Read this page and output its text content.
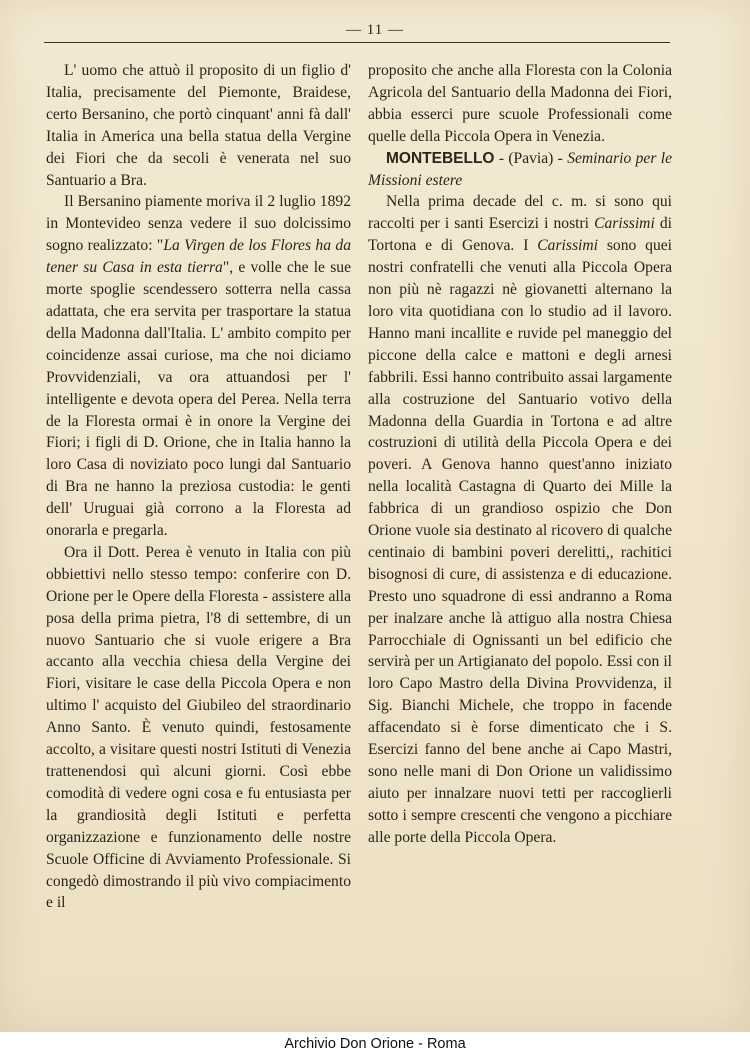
— 11 —

L' uomo che attuò il proposito di un figlio d' Italia, precisamente del Piemonte, Braidese, certo Bersanino, che portò cinquant' anni fà dall' Italia in America una bella statua della Vergine dei Fiori che da secoli è venerata nel suo Santuario a Bra.

Il Bersanino piamente moriva il 2 luglio 1892 in Montevideo senza vedere il suo dolcissimo sogno realizzato: "La Virgen de los Flores ha da tener su Casa in esta tierra", e volle che le sue morte spoglie scendessero sotterra nella cassa adattata, che era servita per trasportare la statua della Madonna dall'Italia. L' ambito compito per coincidenze assai curiose, ma che noi diciamo Provvidenziali, va ora attuandosi per l' intelligente e devota opera del Perea. Nella terra de la Floresta ormai è in onore la Vergine dei Fiori; i figli di D. Orione, che in Italia hanno la loro Casa di noviziato poco lungi dal Santuario di Bra ne hanno la preziosa custodia: le genti dell' Uruguai già corrono a la Floresta ad onorarla e pregarla.

Ora il Dott. Perea è venuto in Italia con più obbiettivi nello stesso tempo: conferire con D. Orione per le Opere della Floresta - assistere alla posa della prima pietra, l'8 di settembre, di un nuovo Santuario che si vuole erigere a Bra accanto alla vecchia chiesa della Vergine dei Fiori, visitare le case della Piccola Opera e non ultimo l' acquisto del Giubileo del straordinario Anno Santo. È venuto quindi, festosamente accolto, a visitare questi nostri Istituti di Venezia trattenendosi quì alcuni giorni. Così ebbe comodità di vedere ogni cosa e fu entusiasta per la grandiosità degli Istituti e perfetta organizzazione e funzionamento delle nostre Scuole Officine di Avviamento Professionale. Si congedò dimostrando il più vivo compiacimento e il

proposito che anche alla Floresta con la Colonia Agricola del Santuario della Madonna dei Fiori, abbia esserci pure scuole Professionali come quelle della Piccola Opera in Venezia.

MONTEBELLO - (Pavia) - Seminario per le Missioni estere

Nella prima decade del c. m. si sono qui raccolti per i santi Esercizi i nostri Carissimi di Tortona e di Genova. I Carissimi sono quei nostri confratelli che venuti alla Piccola Opera non più nè ragazzi nè giovanetti alternano la loro vita quotidiana con lo studio ad il lavoro. Hanno mani incallite e ruvide pel maneggio del piccone della calce e mattoni e degli arnesi fabbrili. Essi hanno contribuito assai largamente alla costruzione del Santuario votivo della Madonna della Guardia in Tortona e ad altre costruzioni di utilità della Piccola Opera e dei poveri. A Genova hanno quest'anno iniziato nella località Castagna di Quarto dei Mille la fabbrica di un grandioso ospizio che Don Orione vuole sia destinato al ricovero di qualche centinaio di bambini poveri derelitti,, rachitici bisognosi di cure, di assistenza e di educazione. Presto uno squadrone di essi andranno a Roma per inalzare anche là attiguo alla nostra Chiesa Parrocchiale di Ognissanti un bel edificio che servirà per un Artigianato del popolo. Essi con il loro Capo Mastro della Divina Provvidenza, il Sig. Bianchi Michele, che troppo in facende affacendato si è forse dimenticato che i S. Esercizi fanno del bene anche ai Capo Mastri, sono nelle mani di Don Orione un validissimo aiuto per innalzare nuovi tetti per raccoglierli sotto i sempre crescenti che vengono a picchiare alle porte della Piccola Opera.

Archivio Don Orione - Roma
